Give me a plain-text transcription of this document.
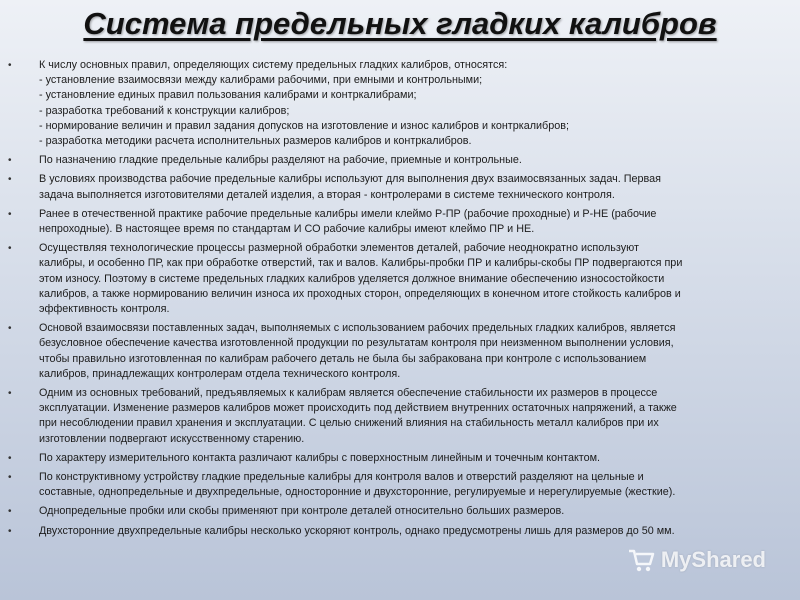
Система предельных гладких калибров
•	К числу основных правил, определяющих систему предельных гладких калибров, относятся:
- установление взаимосвязи между калибрами рабочими, при емными и контрольными;
- установление единых правил пользования калибрами и контркалибрами;
- разработка требований к конструкции калибров;
- нормирование величин и правил задания допусков на изготовление и износ калибров и контркалибров;
- разработка методики расчета исполнительных размеров калибров и контркалибров.
•	По назначению гладкие предельные калибры разделяют на рабочие, приемные и контрольные.
•	В условиях производства рабочие предельные калибры используют для выполнения двух взаимосвязанных задач. Первая
задача выполняется изготовителями деталей изделия, а вторая - контролерами в системе технического контроля.
•	Ранее в отечественной практике рабочие предельные калибры имели клеймо Р-ПР (рабочие проходные) и Р-НЕ (рабочие
непроходные). В настоящее время по стандартам И СО рабочие калибры имеют клеймо ПР и НЕ.
•	Осуществляя технологические процессы размерной обработки элементов деталей, рабочие неоднократно используют
калибры, и особенно ПР, как при обработке отверстий, так и валов. Калибры-пробки ПР и калибры-скобы ПР подвергаются при
этом износу. Поэтому в системе предельных гладких калибров уделяется должное внимание обеспечению износостойкости
калибров, а также нормированию величин износа их проходных сторон, определяющих в конечном итоге стойкость калибров и
эффективность контроля.
•	Основой взаимосвязи поставленных задач, выполняемых с использованием рабочих предельных гладких калибров, является
безусловное обеспечение качества изготовленной продукции по результатам контроля при неизменном выполнении условия,
чтобы правильно изготовленная по калибрам рабочего деталь не была бы забракована при контроле с использованием
калибров, принадлежащих контролерам отдела технического контроля.
•	Одним из основных требований, предъявляемых к калибрам является обеспечение стабильности их размеров в процессе
эксплуатации. Изменение размеров калибров может происходить под действием внутренних остаточных напряжений, а также
при несоблюдении правил хранения и эксплуатации. С целью снижений влияния на стабильность металл калибров при их
изготовлении подвергают искусственному старению.
•	По характеру измерительного контакта различают калибры с поверхностным линейным и точечным контактом.
•	По конструктивному устройству гладкие предельные калибры для контроля валов и отверстий разделяют на цельные и
составные, однопредельные и двухпредельные, односторонние и двухсторонние, регулируемые и нерегулируемые (жесткие).
•	Однопредельные пробки или скобы применяют при контроле деталей относительно больших размеров.
•	Двухсторонние двухпредельные калибры несколько ускоряют контроль, однако предусмотрены лишь для размеров до 50 мм.
MyShared
